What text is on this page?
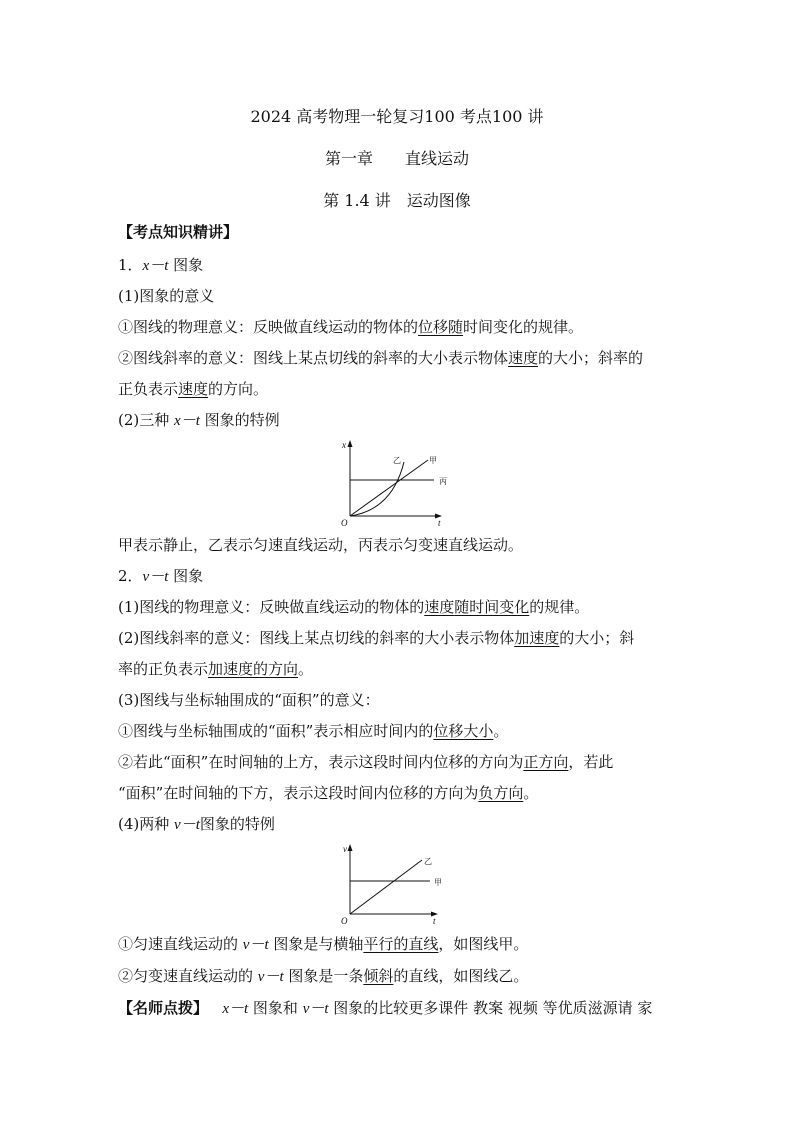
2024 高考物理一轮复习100 考点100 讲
第一章　　直线运动
第 1.4 讲　运动图像
【考点知识精讲】
1．x－t 图象
(1)图象的意义
①图线的物理意义：反映做直线运动的物体的位移随时间变化的规律。
②图线斜率的意义：图线上某点切线的斜率的大小表示物体速度的大小；斜率的
正负表示速度的方向。
(2)三种 x－t 图象的特例
x
t
O
甲
乙
丙
甲表示静止，乙表示匀速直线运动，丙表示匀变速直线运动。
2．v－t 图象
(1)图线的物理意义：反映做直线运动的物体的速度随时间变化的规律。
(2)图线斜率的意义：图线上某点切线的斜率的大小表示物体加速度的大小；斜
率的正负表示加速度的方向。
(3)图线与坐标轴围成的“面积”的意义：
①图线与坐标轴围成的“面积”表示相应时间内的位移大小。
②若此“面积”在时间轴的上方，表示这段时间内位移的方向为正方向，若此
“面积”在时间轴的下方，表示这段时间内位移的方向为负方向。
(4)两种 v－t图象的特例
v
t
O
乙
甲
①匀速直线运动的 v－t 图象是与横轴平行的直线，如图线甲。
②匀变速直线运动的 v－t 图象是一条倾斜的直线，如图线乙。
【名师点拨】 x－t 图象和 v－t 图象的比较更多课件 教案 视频 等优质滋源请 家
